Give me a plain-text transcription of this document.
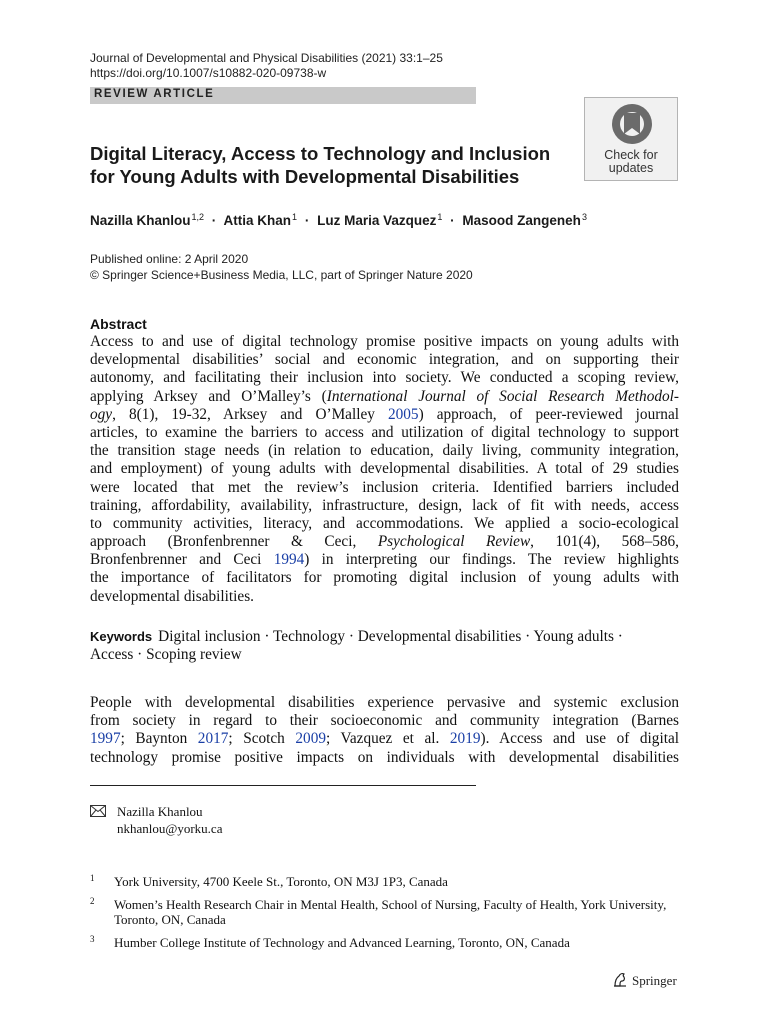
Journal of Developmental and Physical Disabilities (2021) 33:1–25
https://doi.org/10.1007/s10882-020-09738-w
REVIEW ARTICLE
Digital Literacy, Access to Technology and Inclusion
for Young Adults with Developmental Disabilities
Check for
updates
Nazilla Khanlou$^{1,2}$ · Attia Khan$^1$ · Luz Maria Vazquez$^1$ · Masood Zangeneh$^3$
Published online: 2 April 2020
© Springer Science+Business Media, LLC, part of Springer Nature 2020
Abstract
Access to and use of digital technology promise positive impacts on young adults with
developmental disabilities’ social and economic integration, and on supporting their
autonomy, and facilitating their inclusion into society. We conducted a scoping review,
applying Arksey and O’Malley’s (International Journal of Social Research Methodol-
ogy, 8(1), 19-32, Arksey and O’Malley 2005) approach, of peer-reviewed journal
articles, to examine the barriers to access and utilization of digital technology to support
the transition stage needs (in relation to education, daily living, community integration,
and employment) of young adults with developmental disabilities. A total of 29 studies
were located that met the review’s inclusion criteria. Identified barriers included
training, affordability, availability, infrastructure, design, lack of fit with needs, access
to community activities, literacy, and accommodations. We applied a socio-ecological
approach (Bronfenbrenner & Ceci, Psychological Review, 101(4), 568–586,
Bronfenbrenner and Ceci 1994) in interpreting our findings. The review highlights
the importance of facilitators for promoting digital inclusion of young adults with
developmental disabilities.
Keywords Digital inclusion · Technology · Developmental disabilities · Young adults ·
Access · Scoping review
People with developmental disabilities experience pervasive and systemic exclusion
from society in regard to their socioeconomic and community integration (Barnes
1997; Baynton 2017; Scotch 2009; Vazquez et al. 2019). Access and use of digital
technology promise positive impacts on individuals with developmental disabilities
Nazilla Khanlou
nkhanlou@yorku.ca
1 York University, 4700 Keele St., Toronto, ON M3J 1P3, Canada
2 Women’s Health Research Chair in Mental Health, School of Nursing, Faculty of Health, York University, Toronto, ON, Canada
3 Humber College Institute of Technology and Advanced Learning, Toronto, ON, Canada
Springer
